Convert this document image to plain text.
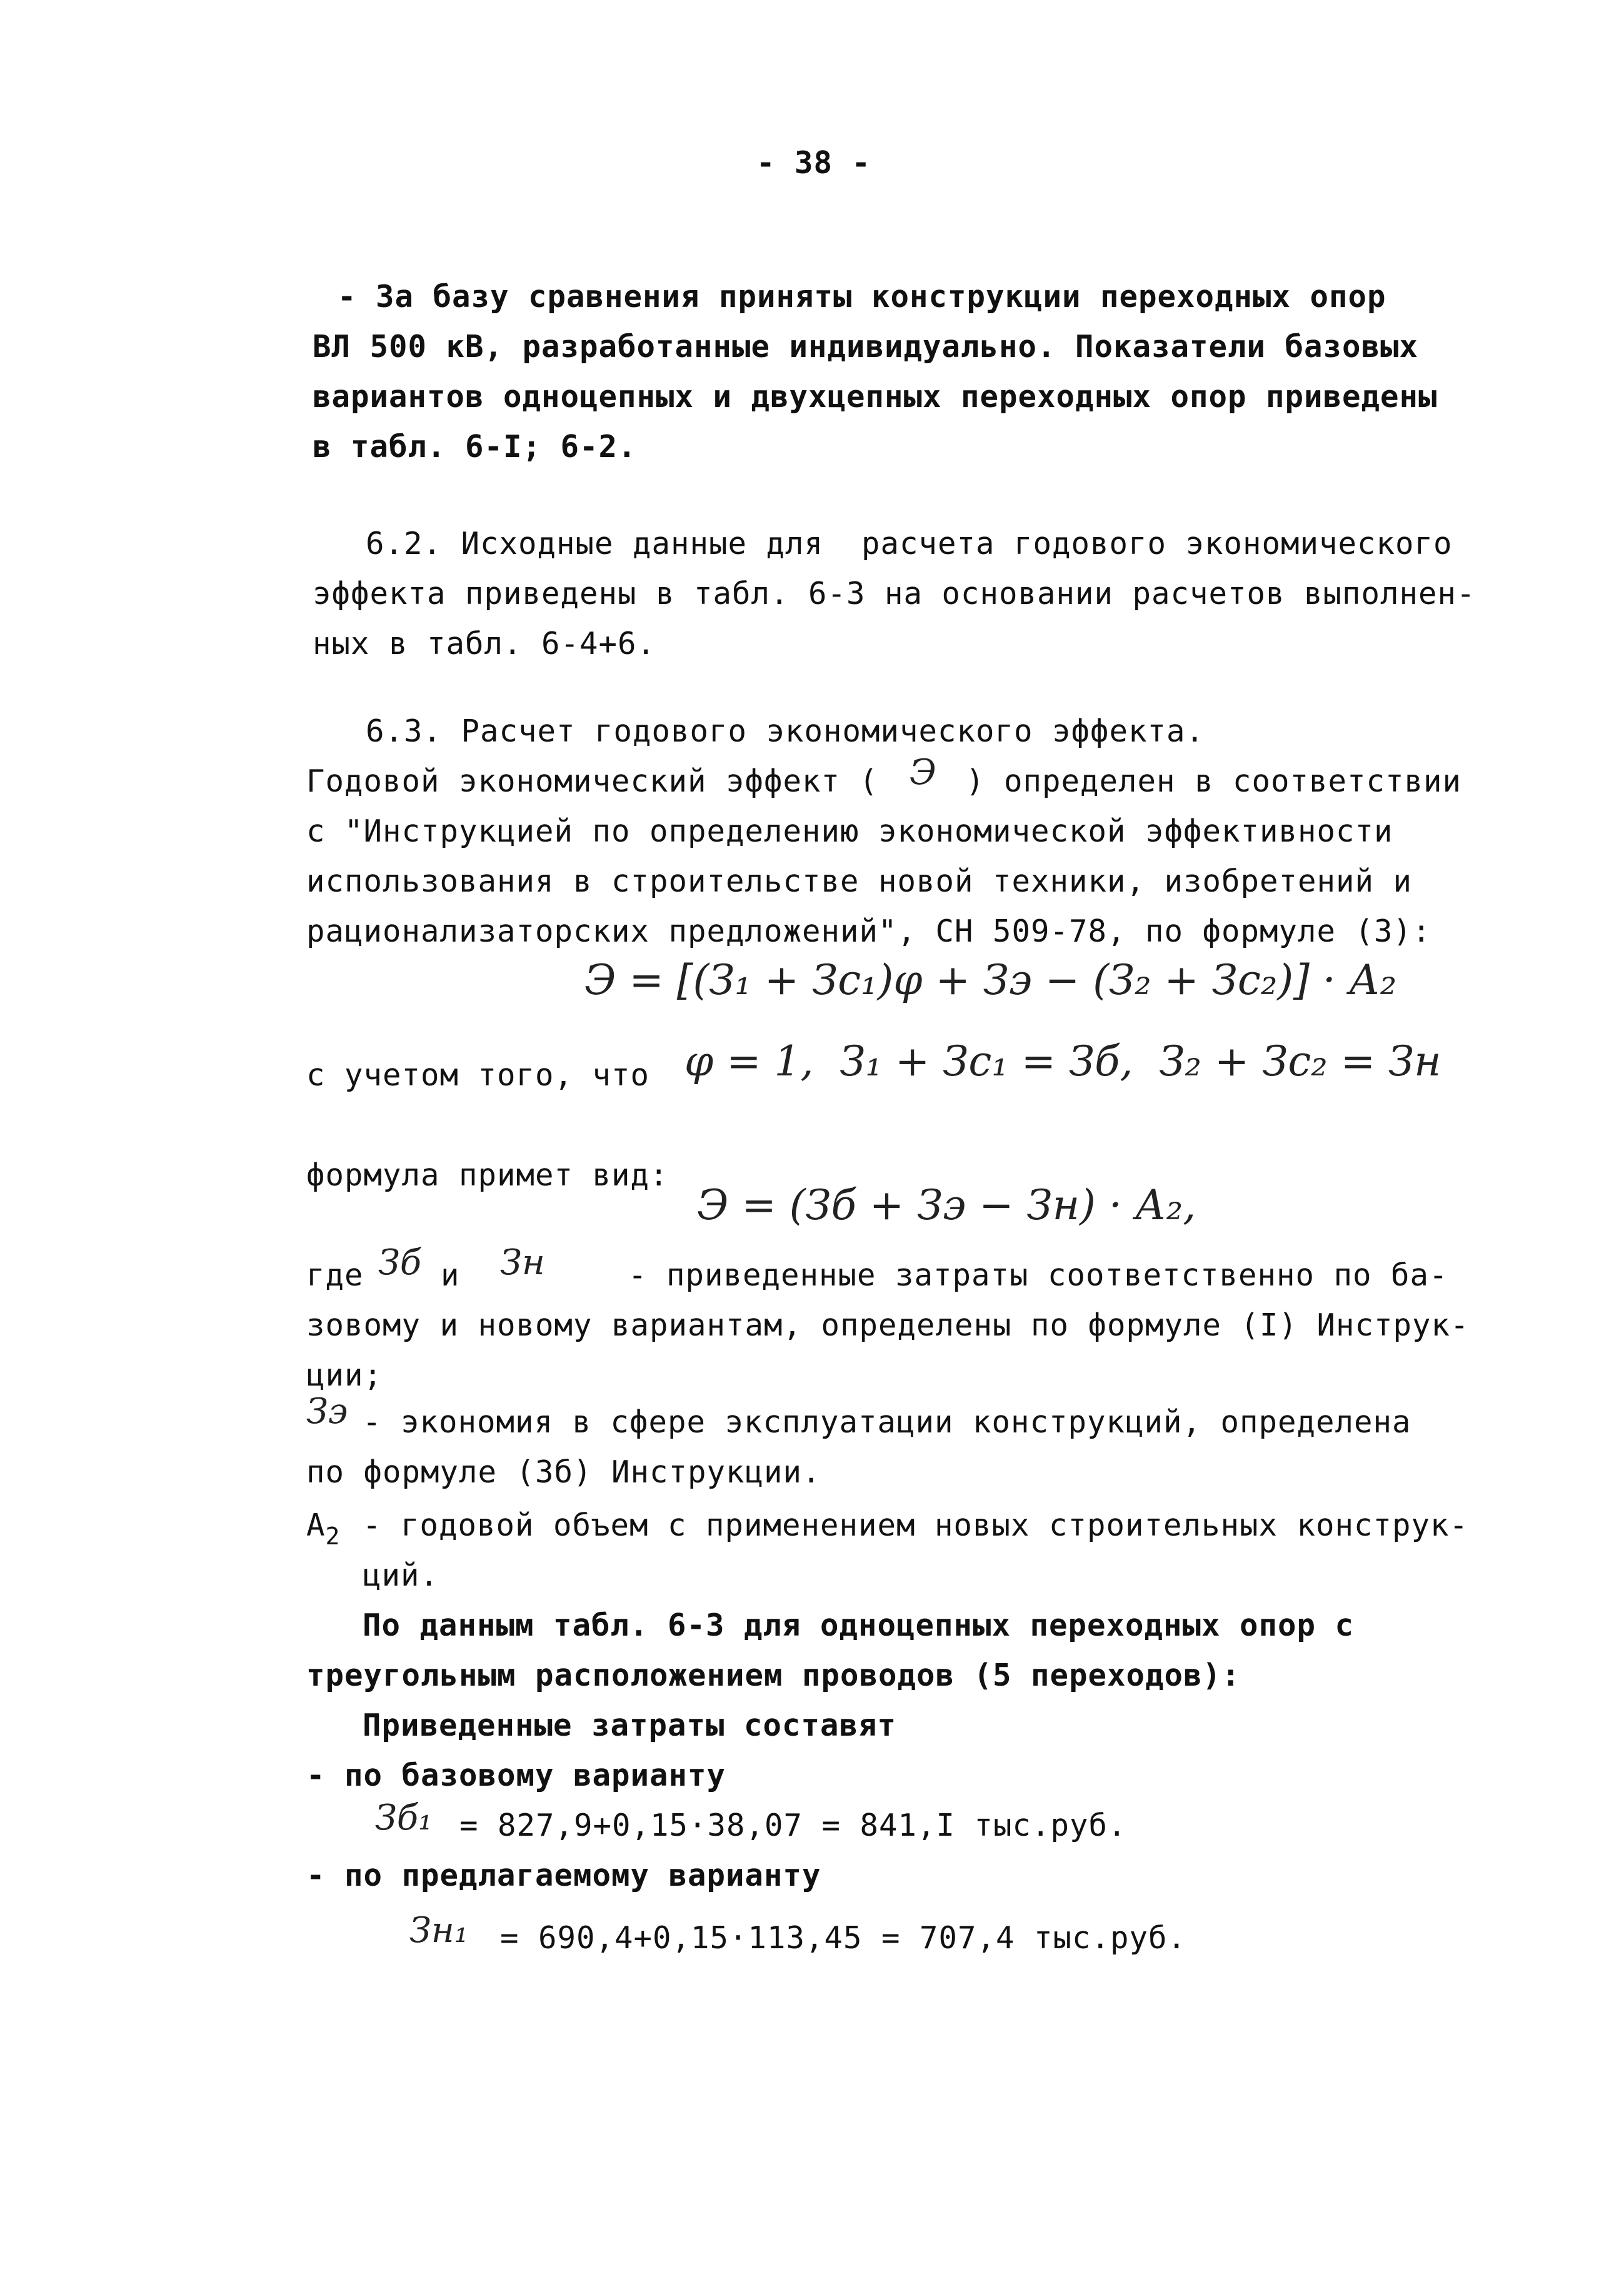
- 38 -
- За базу сравнения приняты конструкции переходных опор
ВЛ 500 кВ, разработанные индивидуально. Показатели базовых
вариантов одноцепных и двухцепных переходных опор приведены
в табл. 6-I; 6-2.
6.2. Исходные данные для  расчета годового экономического
эффекта приведены в табл. 6-3 на основании расчетов выполнен-
ных в табл. 6-4+6.
6.3. Расчет годового экономического эффекта.
Годовой экономический эффект ( Э ) определен в соответствии
с "Инструкцией по определению экономической эффективности
использования в строительстве новой техники, изобретений и
рационализаторских предложений", СН 509-78, по формуле (3):
Э = [(З₁ + Зс₁)φ + Зэ − (З₂ + Зс₂)] · А₂
с учетом того, что φ = 1,  З₁ + Зс₁ = Зб,  З₂ + Зс₂ = Зн
формула примет вид:
Э = (Зб + Зэ − Зн) · А₂,
где Зб и Зн	- приведенные затраты соответственно по ба-
зовому и новому вариантам, определены по формуле (I) Инструк-
ции;
Зэ - экономия в сфере эксплуатации конструкций, определена
по формуле (3б) Инструкции.
$А_2$ - годовой объем с применением новых строительных конструк-
ций.
По данным табл. 6-3 для одноцепных переходных опор с
треугольным расположением проводов (5 переходов):
Приведенные затраты составят
- по базовому варианту
Зб₁ = 827,9+0,15·38,07 = 841,I тыс.руб.
- по предлагаемому варианту
Зн₁ = 690,4+0,15·113,45 = 707,4 тыс.руб.
